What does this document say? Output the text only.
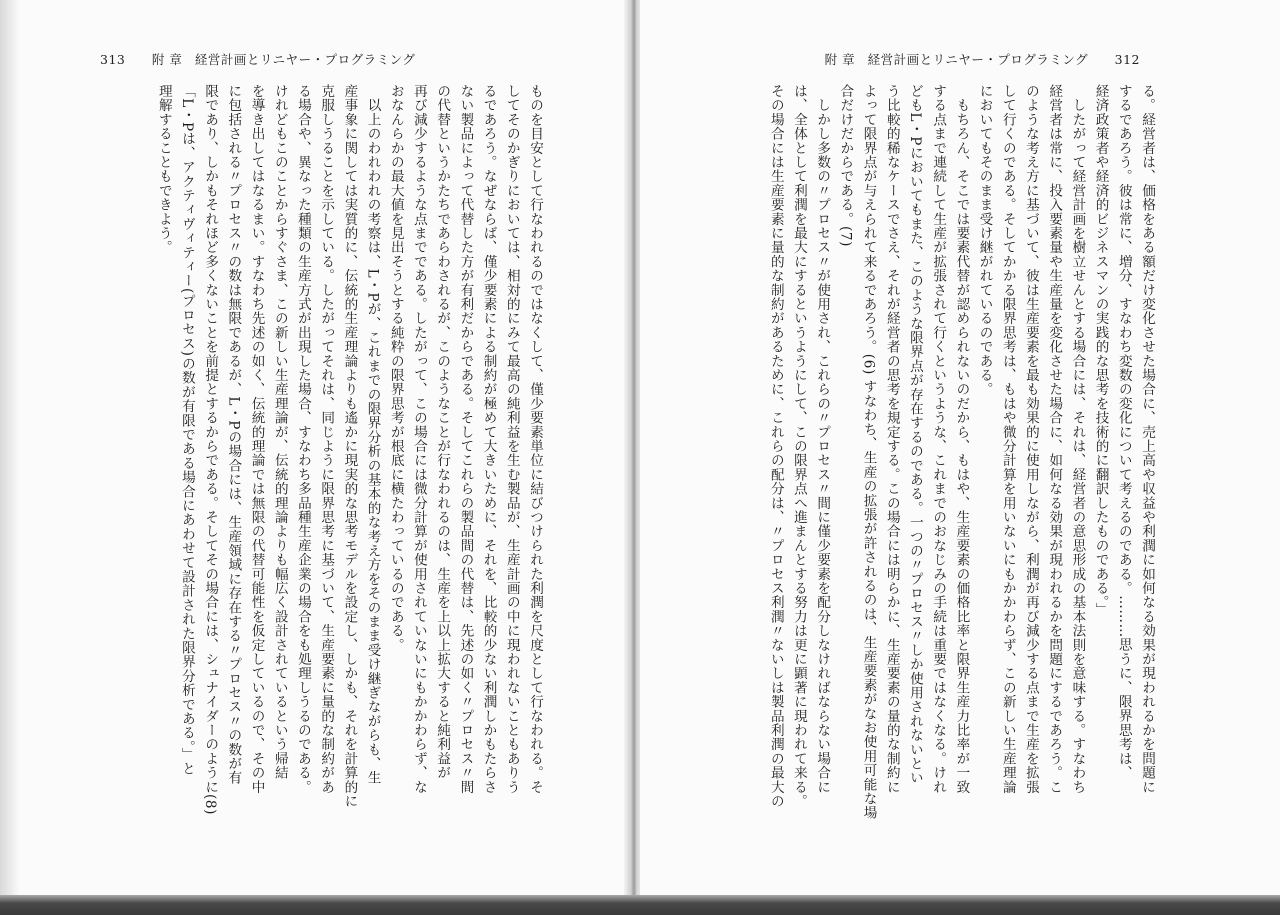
313 附 章 経営計画とリニヤー・プログラミング

ものを目安として行なわれるのではなくして、僅少要素単位に結びつけられた利潤を尺度として行なわれる。そ

してそのかぎりにおいては、相対的にみて最高の純利益を生む製品が、生産計画の中に現われないこともありう

るであろう。なぜならば、僅少要素による制約が極めて大きいために、それを、比較的少ない利潤しかもたらさ

ない製品によって代替した方が有利だからである。そしてこれらの製品間の代替は、先述の如く〃プロセス〃間

の代替というかたちであらわされるが、このようなことが行なわれるのは、生産を上以上拡大すると純利益が

再び減少するような点までである。したがって、この場合には微分計算が使用されていないにもかかわらず、な

おなんらかの最大値を見出そうとする純粋の限界思考が根底に横たわっているのである。

　以上のわれわれの考察は、L・Pが、これまでの限界分析の基本的な考え方をそのまま受け継ぎながらも、生

産事象に関しては実質的に、伝統的生産理論よりも遙かに現実的な思考モデルを設定し、しかも、それを計算的に

克服しうることを示している。したがってそれは、同じように限界思考に基づいて、生産要素に量的な制約があ

る場合や、異なった種類の生産方式が出現した場合、すなわち多品種生産企業の場合をも処理しうるのである。

けれどもこのことからすぐさま、この新しい生産理論が、伝統的理論よりも幅広く設計されているという帰結

を導き出してはなるまい。すなわち先述の如く、伝統的理論では無限の代替可能性を仮定しているので、その中

に包括される〃プロセス〃の数は無限であるが、L・Pの場合には、生産領域に存在する〃プロセス〃の数が有

限であり、しかもそれほど多くないことを前提とするからである。そしてその場合には、シュナイダーのように(8)

「L・Pは、アクティヴィティー(プロセス)の数が有限である場合にあわせて設計された限界分析である。」と

理解することもできよう。

附 章 経営計画とリニヤー・プログラミング 312

る。経営者は、価格をある額だけ変化させた場合に、売上高や収益や利潤に如何なる効果が現われるかを問題に

するであろう。彼は常に、増分、すなわち変数の変化について考えるのである。………思うに、限界思考は、

経済政策者や経済的ビジネスマンの実践的な思考を技術的に翻訳したものである。」

　したがって経営計画を樹立せんとする場合には、それは、経営者の意思形成の基本法則を意味する。すなわち

経営者は常に、投入要素量や生産量を変化させた場合に、如何なる効果が現われるかを問題にするであろう。こ

のような考え方に基づいて、彼は生産要素を最も効果的に使用しながら、利潤が再び減少する点まで生産を拡張

して行くのである。そしてかかる限界思考は、もはや微分計算を用いないにもかかわらず、この新しい生産理論

においてもそのまま受け継がれているのである。

　もちろん、そこでは要素代替が認められないのだから、もはや、生産要素の価格比率と限界生産力比率が一致

する点まで連続して生産が拡張されて行くというような、これまでのおなじみの手続は重要ではなくなる。けれ

どもL・Pにおいてもまた、このような限界点が存在するのである。一つの〃プロセス〃しか使用されないとい

う比較的稀なケースでさえ、それが経営者の思考を規定する。この場合には明らかに、生産要素の量的な制約に

よって限界点が与えられて来るであろう。(6) すなわち、生産の拡張が許されるのは、生産要素がなお使用可能な場

合だけだからである。(7)

　しかし多数の〃プロセス〃が使用され、これらの〃プロセス〃間に僅少要素を配分しなければならない場合に

は、全体として利潤を最大にするというようにして、この限界点へ進まんとする努力は更に顕著に現われて来る。

その場合には生産要素に量的な制約があるために、これらの配分は、〃プロセス利潤〃ないしは製品利潤の最大の
